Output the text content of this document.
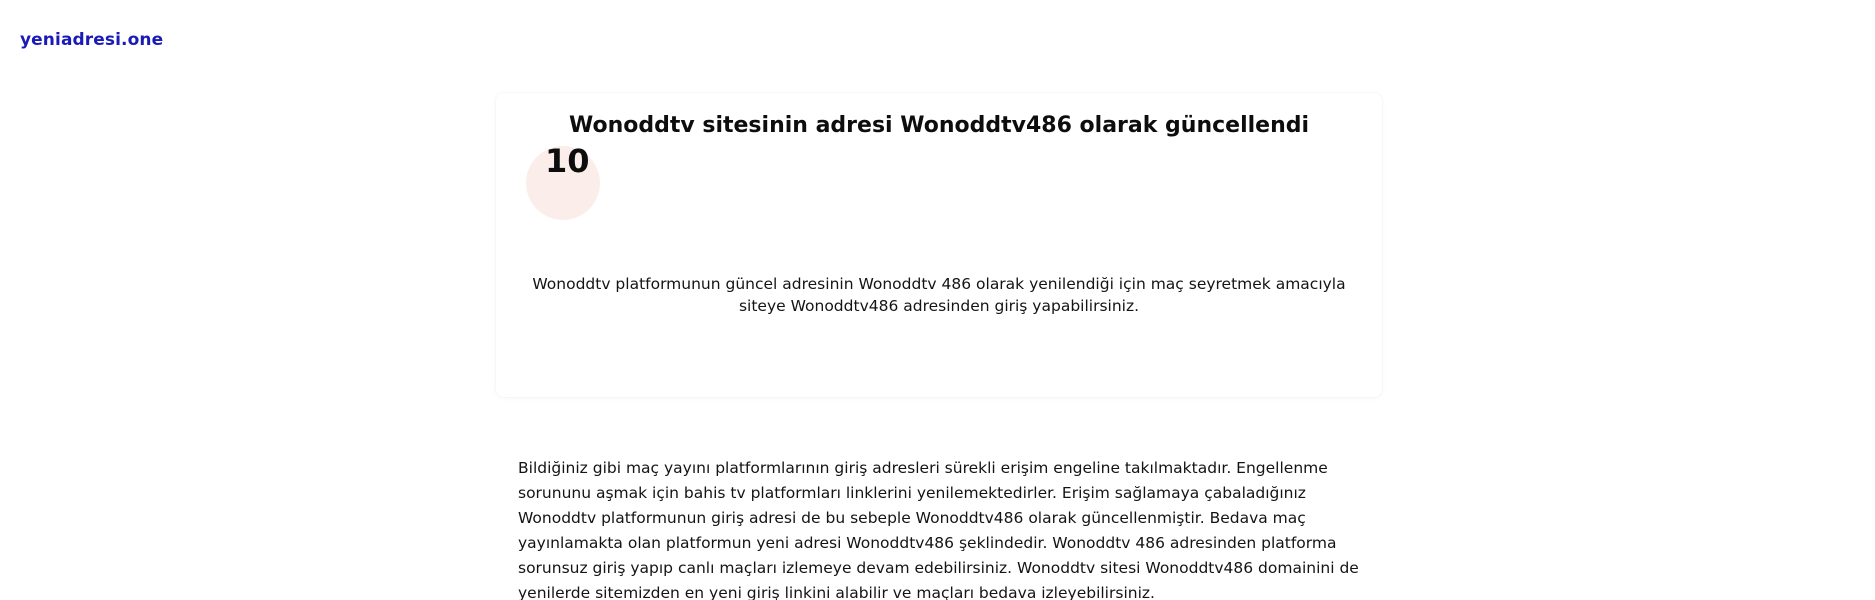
yeniadresi.one
Wonoddtv sitesinin adresi Wonoddtv486 olarak güncellendi
10

Wonoddtv platformunun güncel adresinin Wonoddtv 486 olarak yenilendiği için maç seyretmek amacıyla siteye Wonoddtv486 adresinden giriş yapabilirsiniz.

Bildiğiniz gibi maç yayını platformlarının giriş adresleri sürekli erişim engeline takılmaktadır. Engellenme sorununu aşmak için bahis tv platformları linklerini yenilemektedirler. Erişim sağlamaya çabaladığınız Wonoddtv platformunun giriş adresi de bu sebeple Wonoddtv486 olarak güncellenmiştir. Bedava maç yayınlamakta olan platformun yeni adresi Wonoddtv486 şeklindedir. Wonoddtv 486 adresinden platforma sorunsuz giriş yapıp canlı maçları izlemeye devam edebilirsiniz. Wonoddtv sitesi Wonoddtv486 domainini de yenilerde sitemizden en yeni giriş linkini alabilir ve maçları bedava izleyebilirsiniz.
